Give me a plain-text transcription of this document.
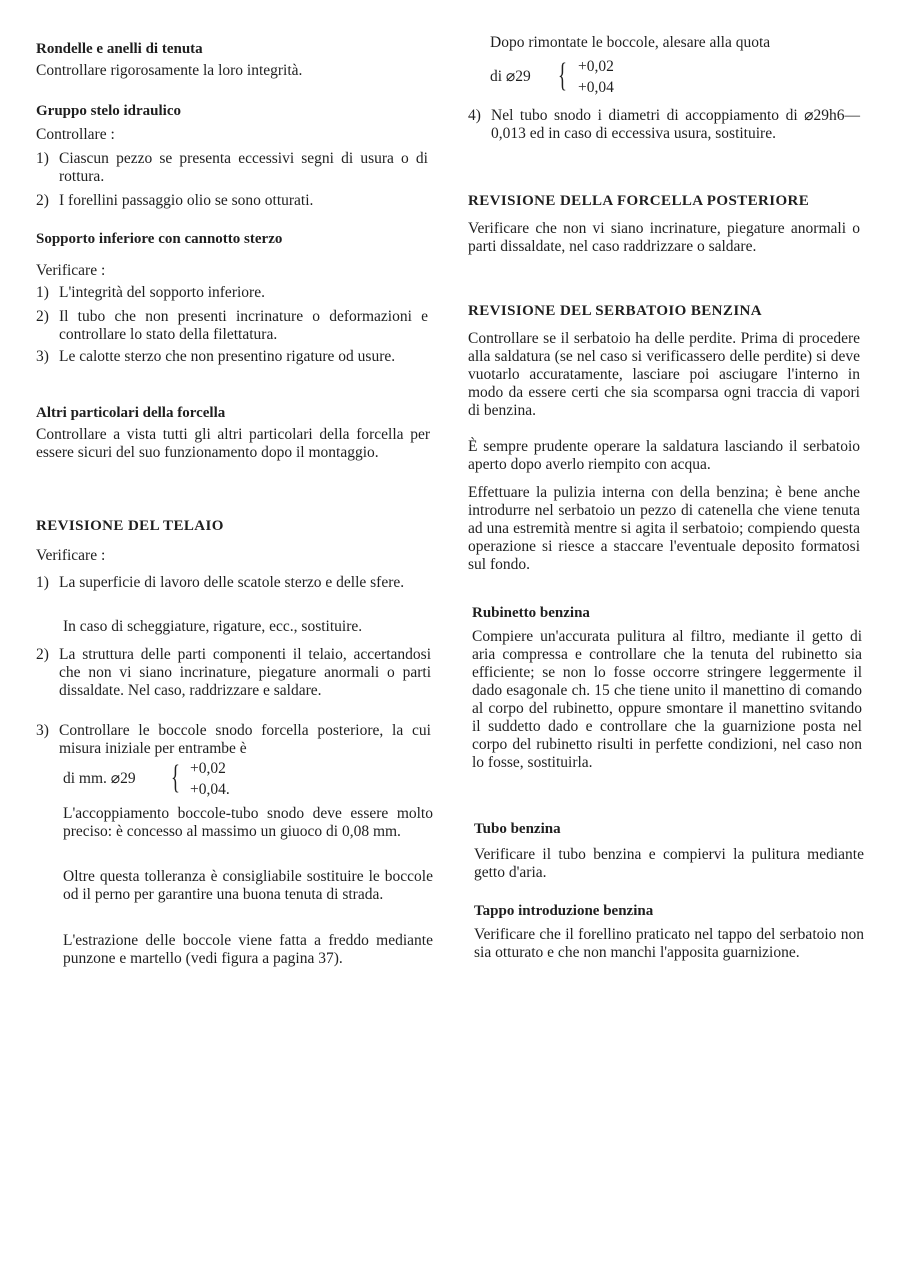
Rondelle e anelli di tenuta
Controllare rigorosamente la loro integrità.
Gruppo stelo idraulico
Controllare :
1) Ciascun pezzo se presenta eccessivi segni di usura o di rottura.
2) I forellini passaggio olio se sono otturati.
Sopporto inferiore con cannotto sterzo
Verificare :
1) L'integrità del sopporto inferiore.
2) Il tubo che non presenti incrinature o deformazioni e controllare lo stato della filettatura.
3) Le calotte sterzo che non presentino rigature od usure.
Altri particolari della forcella
Controllare a vista tutti gli altri particolari della forcella per essere sicuri del suo funzionamento dopo il montaggio.
REVISIONE DEL TELAIO
Verificare :
1) La superficie di lavoro delle scatole sterzo e delle sfere.
In caso di scheggiature, rigature, ecc., sostituire.
2) La struttura delle parti componenti il telaio, accertandosi che non vi siano incrinature, piegature anormali o parti dissaldate. Nel caso, raddrizzare e saldare.
3) Controllare le boccole snodo forcella posteriore, la cui misura iniziale per entrambe è
di mm. ⌀29 { +0,02
+0,04.
L'accoppiamento boccole-tubo snodo deve essere molto preciso: è concesso al massimo un giuoco di 0,08 mm.
Oltre questa tolleranza è consigliabile sostituire le boccole od il perno per garantire una buona tenuta di strada.
L'estrazione delle boccole viene fatta a freddo mediante punzone e martello (vedi figura a pagina 37).
Dopo rimontate le boccole, alesare alla quota
di ⌀29 { +0,02
+0,04
4) Nel tubo snodo i diametri di accoppiamento di ⌀29h6—0,013 ed in caso di eccessiva usura, sostituire.
REVISIONE DELLA FORCELLA POSTERIORE
Verificare che non vi siano incrinature, piegature anormali o parti dissaldate, nel caso raddrizzare o saldare.
REVISIONE DEL SERBATOIO BENZINA
Controllare se il serbatoio ha delle perdite. Prima di procedere alla saldatura (se nel caso si verificassero delle perdite) si deve vuotarlo accuratamente, lasciare poi asciugare l'interno in modo da essere certi che sia scomparsa ogni traccia di vapori di benzina.
È sempre prudente operare la saldatura lasciando il serbatoio aperto dopo averlo riempito con acqua.
Effettuare la pulizia interna con della benzina; è bene anche introdurre nel serbatoio un pezzo di catenella che viene tenuta ad una estremità mentre si agita il serbatoio; compiendo questa operazione si riesce a staccare l'eventuale deposito formatosi sul fondo.
Rubinetto benzina
Compiere un'accurata pulitura al filtro, mediante il getto di aria compressa e controllare che la tenuta del rubinetto sia efficiente; se non lo fosse occorre stringere leggermente il dado esagonale ch. 15 che tiene unito il manettino di comando al corpo del rubinetto, oppure smontare il manettino svitando il suddetto dado e controllare che la guarnizione posta nel corpo del rubinetto risulti in perfette condizioni, nel caso non lo fosse, sostituirla.
Tubo benzina
Verificare il tubo benzina e compiervi la pulitura mediante getto d'aria.
Tappo introduzione benzina
Verificare che il forellino praticato nel tappo del serbatoio non sia otturato e che non manchi l'apposita guarnizione.
